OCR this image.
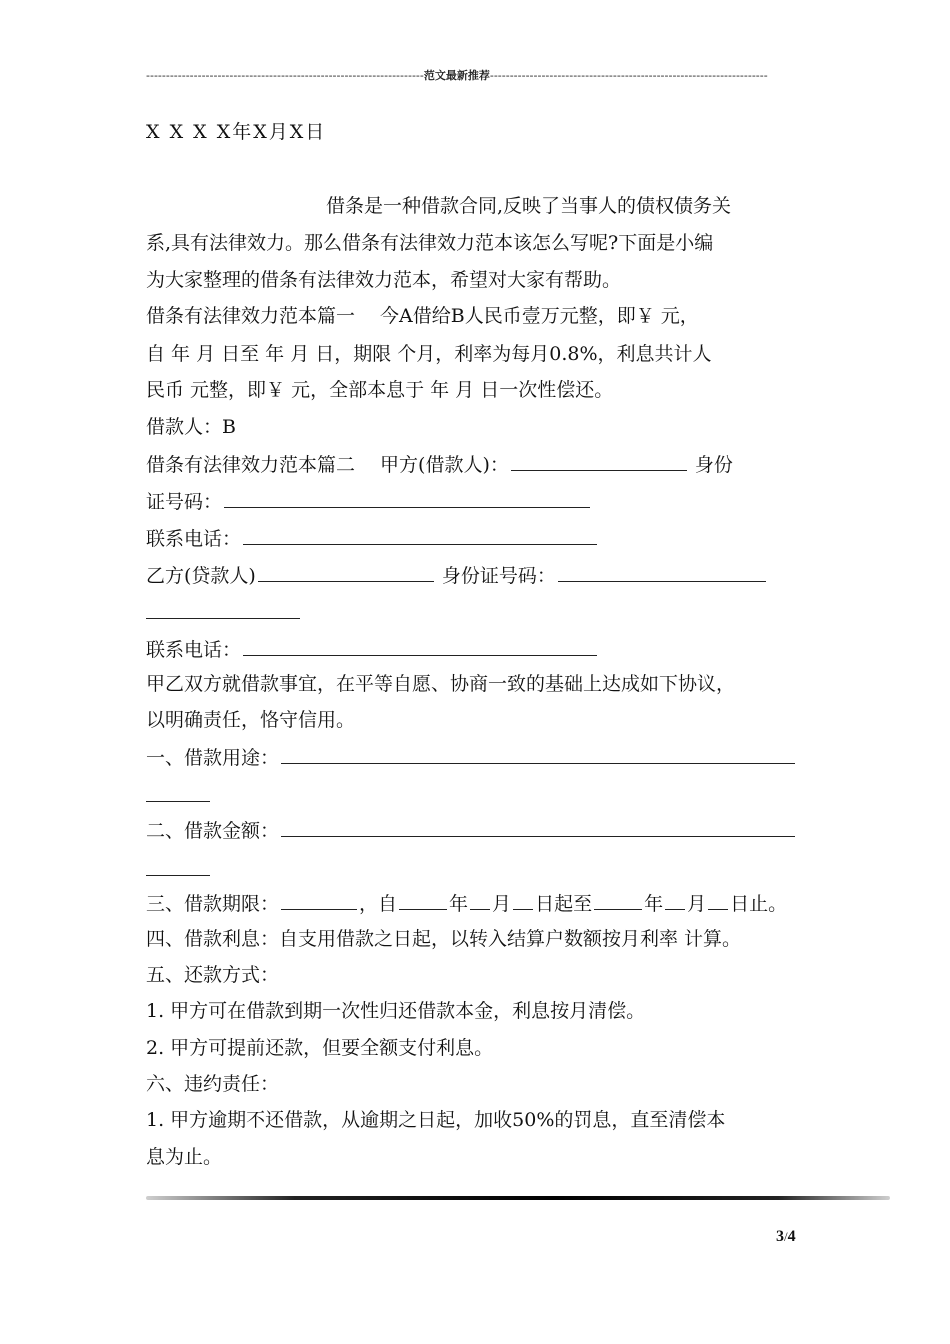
----------------------------------------------------------------------范文最新推荐----------------------------------------------------------------------
X X X X年X月X日
借条是一种借款合同,反映了当事人的债权债务关
系,具有法律效力。那么借条有法律效力范本该怎么写呢?下面是小编
为大家整理的借条有法律效力范本，希望对大家有帮助。
借条有法律效力范本篇一　 今A借给B人民币壹万元整，即￥ 元，
自 年 月 日至 年 月 日，期限 个月，利率为每月0.8%，利息共计人
民币 元整，即￥ 元，全部本息于 年 月 日一次性偿还。
借款人：B
借条有法律效力范本篇二　 甲方(借款人)：	身份
证号码：
联系电话：
乙方(贷款人)	身份证号码：
联系电话：
甲乙双方就借款事宜，在平等自愿、协商一致的基础上达成如下协议，
以明确责任，恪守信用。
一、借款用途：
二、借款金额：
三、借款期限：	，自	年 月 日起至	年 月 日止。
四、借款利息：自支用借款之日起，以转入结算户数额按月利率 计算。
五、还款方式：
1. 甲方可在借款到期一次性归还借款本金，利息按月清偿。
2. 甲方可提前还款，但要全额支付利息。
六、违约责任：
1. 甲方逾期不还借款，从逾期之日起，加收50%的罚息，直至清偿本
息为止。
3/4
